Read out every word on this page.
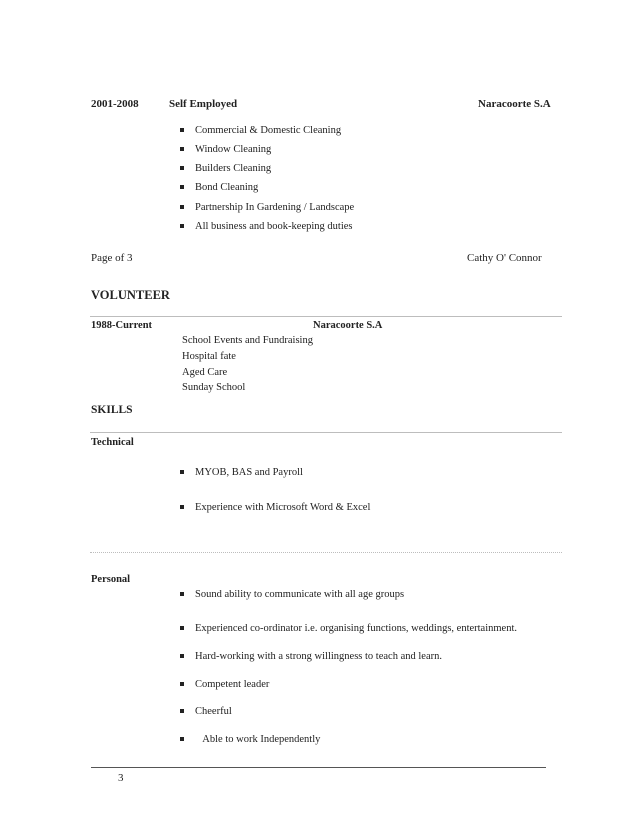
2001-2008	Self Employed	Naracoorte S.A
Commercial & Domestic Cleaning
Window Cleaning
Builders Cleaning
Bond Cleaning
Partnership In Gardening / Landscape
All business and book-keeping duties
Page of 3	Cathy O' Connor
VOLUNTEER
1988-Current	Naracoorte S.A
School Events and Fundraising
Hospital fate
Aged Care
Sunday School
SKILLS
Technical
MYOB, BAS and Payroll
Experience with Microsoft Word & Excel
Personal
Sound ability to communicate with all age groups
Experienced co-ordinator i.e. organising functions, weddings, entertainment.
Hard-working with a strong willingness to teach and learn.
Competent leader
Cheerful
Able to work Independently
3
